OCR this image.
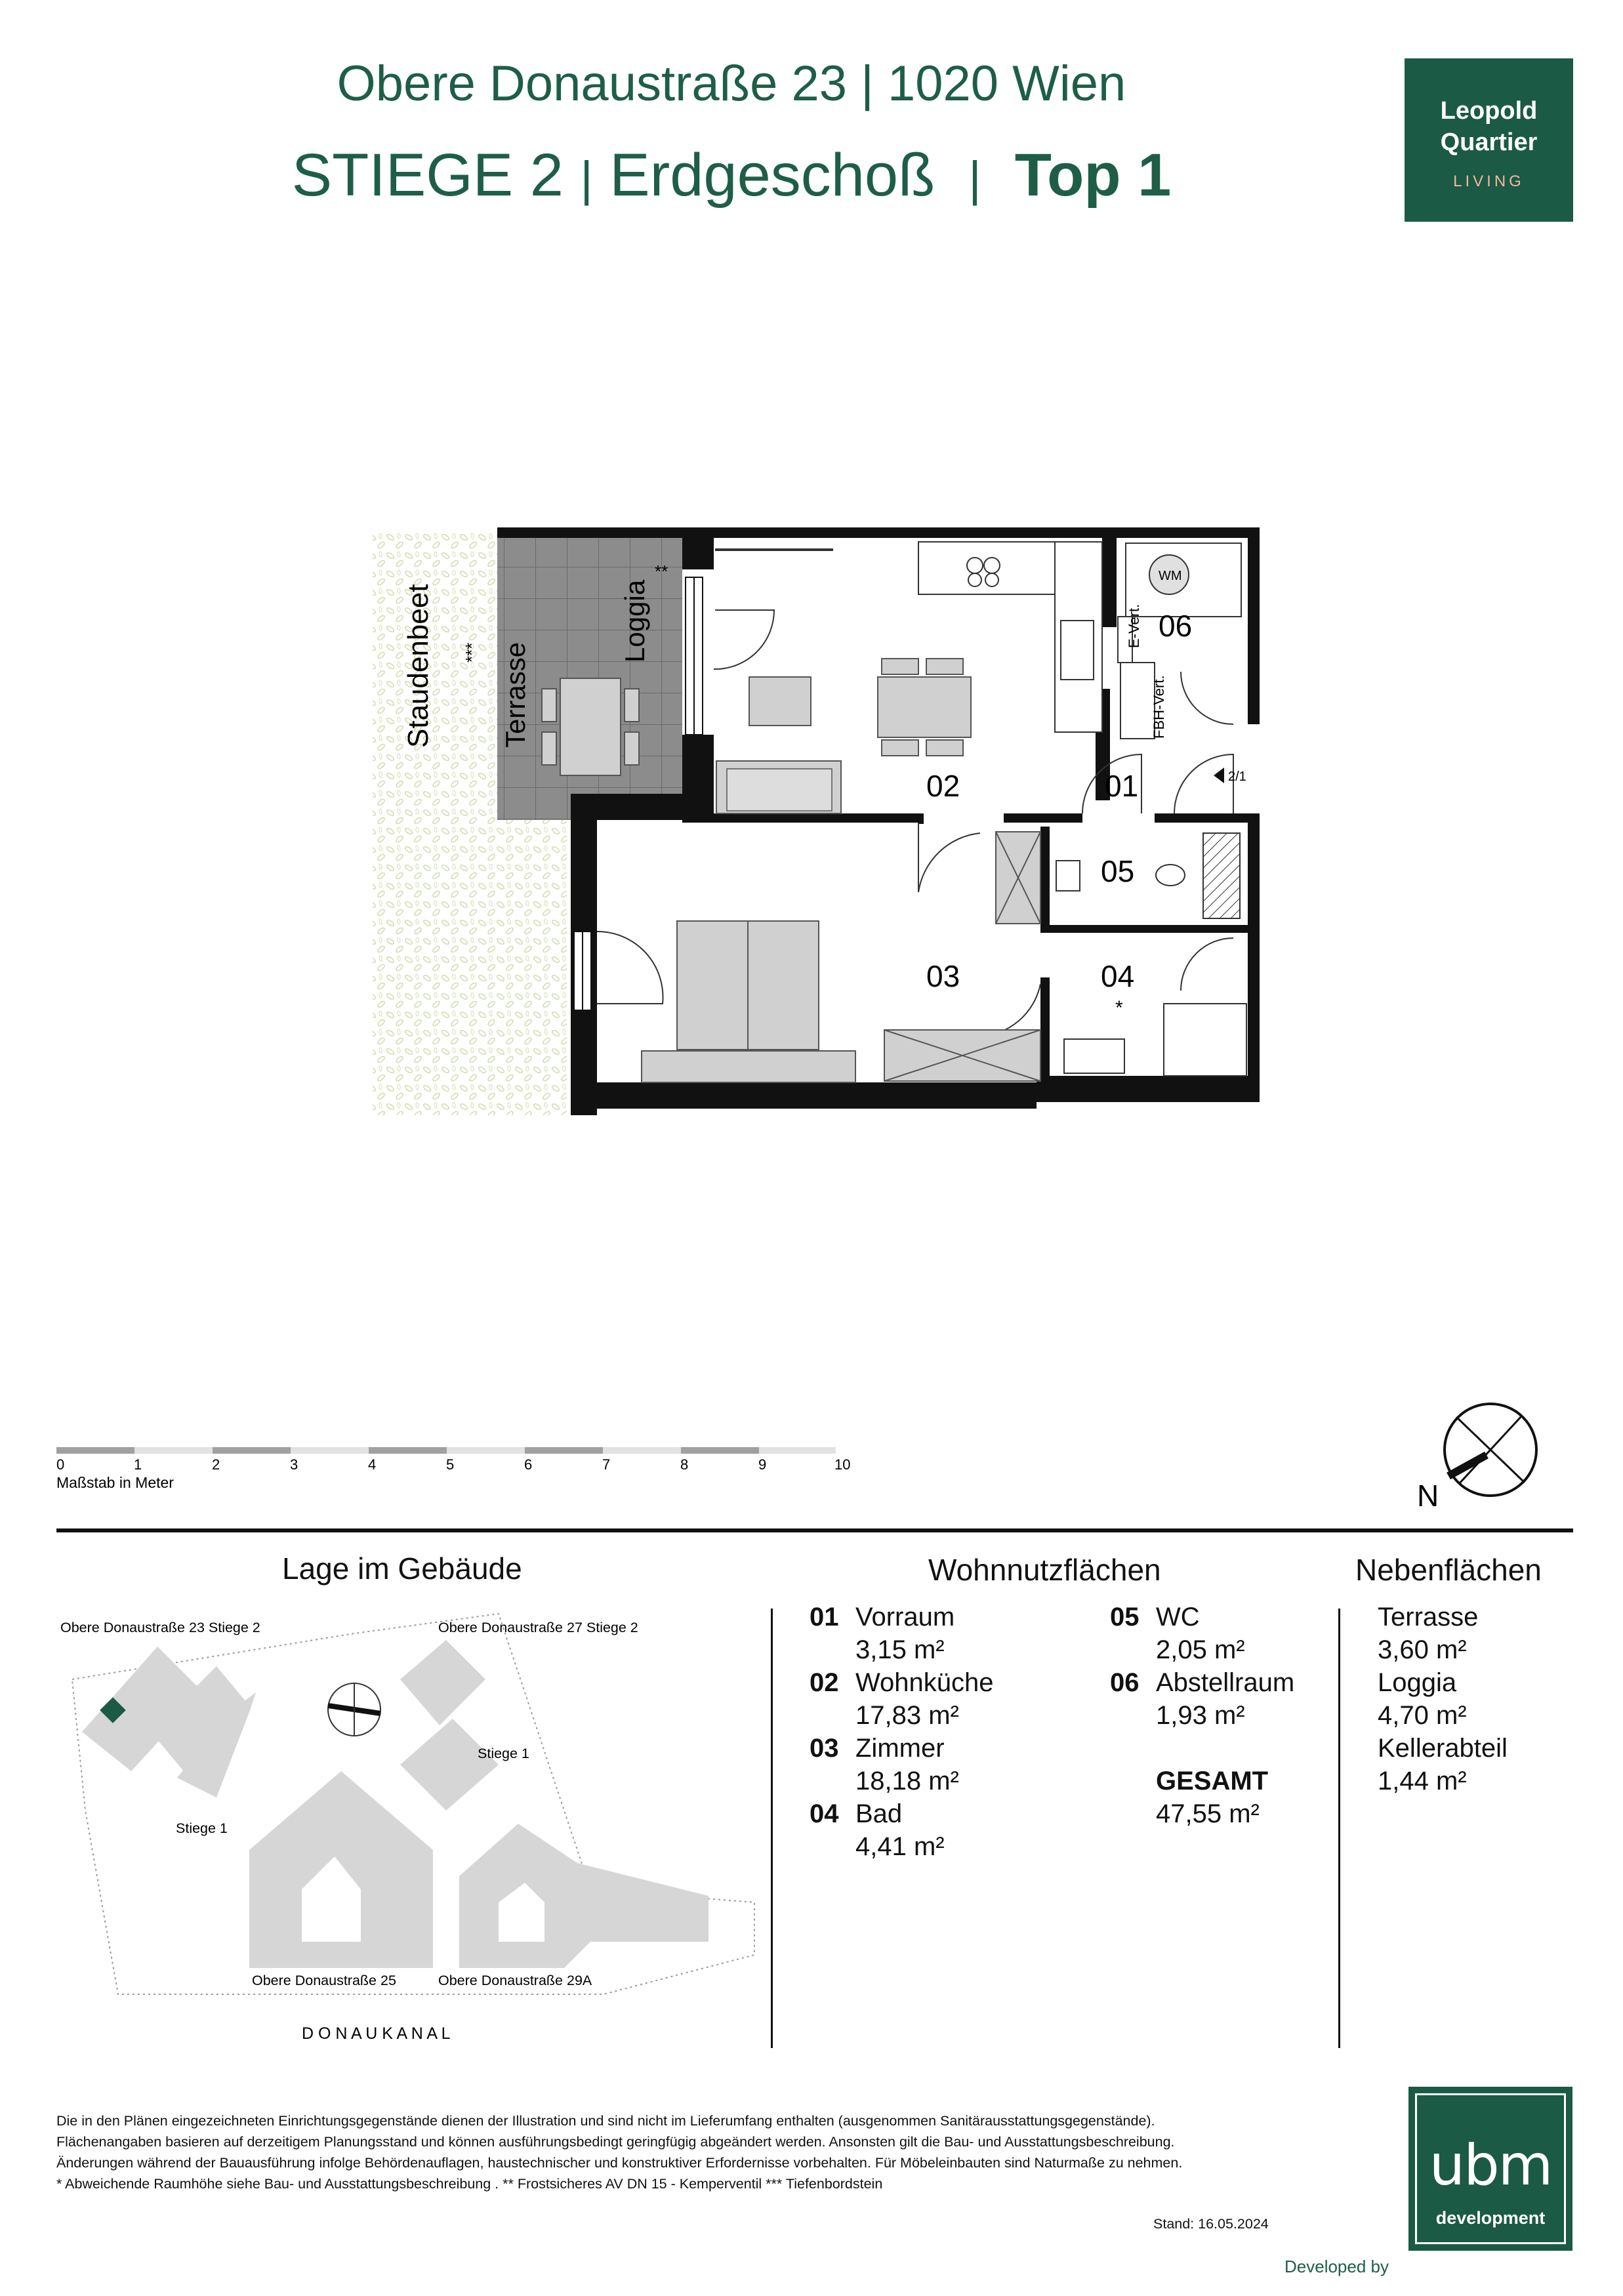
Obere Donaustraße 23 | 1020 Wien
STIEGE 2 | Erdgeschoß | Top 1
Leopold
Quartier
LIVING
Staudenbeet Terrasse
Loggia
***
**
E-Vert.
FBH-Vert.
WM
2/1
01
02
03	04
05
06
*
0	1	2	3	4	5	6	7	8	9	10
Maßstab in Meter	N
Lage im Gebäude
Obere Donaustraße 23 Stiege 2	Obere Donaustraße 27 Stiege 2
Stiege 1
Stiege 1
Obere Donaustraße 25	Obere Donaustraße 29A
D O N A U K A N A L
Wohnnutzflächen
01 Vorraum
3,15 m²
02 Wohnküche
17,83 m²
03 Zimmer
18,18 m²
04 Bad
4,41 m²
05 WC
2,05 m²
06 Abstellraum
1,93 m²
GESAMT
47,55 m²
Nebenflächen
Terrasse
3,60 m²
Loggia
4,70 m²
Kellerabteil
1,44 m²
Die in den Plänen eingezeichneten Einrichtungsgegenstände dienen der Illustration und sind nicht im Lieferumfang enthalten (ausgenommen Sanitärausstattungsgegenstände).
Flächenangaben basieren auf derzeitigem Planungsstand und können ausführungsbedingt geringfügig abgeändert werden. Ansonsten gilt die Bau- und Ausstattungsbeschreibung.
Änderungen während der Bauausführung infolge Behördenauflagen, haustechnischer und konstruktiver Erfordernisse vorbehalten. Für Möbeleinbauten sind Naturmaße zu nehmen.
* Abweichende Raumhöhe siehe Bau- und Ausstattungsbeschreibung . ** Frostsicheres AV DN 15 - Kemperventil *** Tiefenbordstein
Stand: 16.05.2024
Developed by
ubm
development
